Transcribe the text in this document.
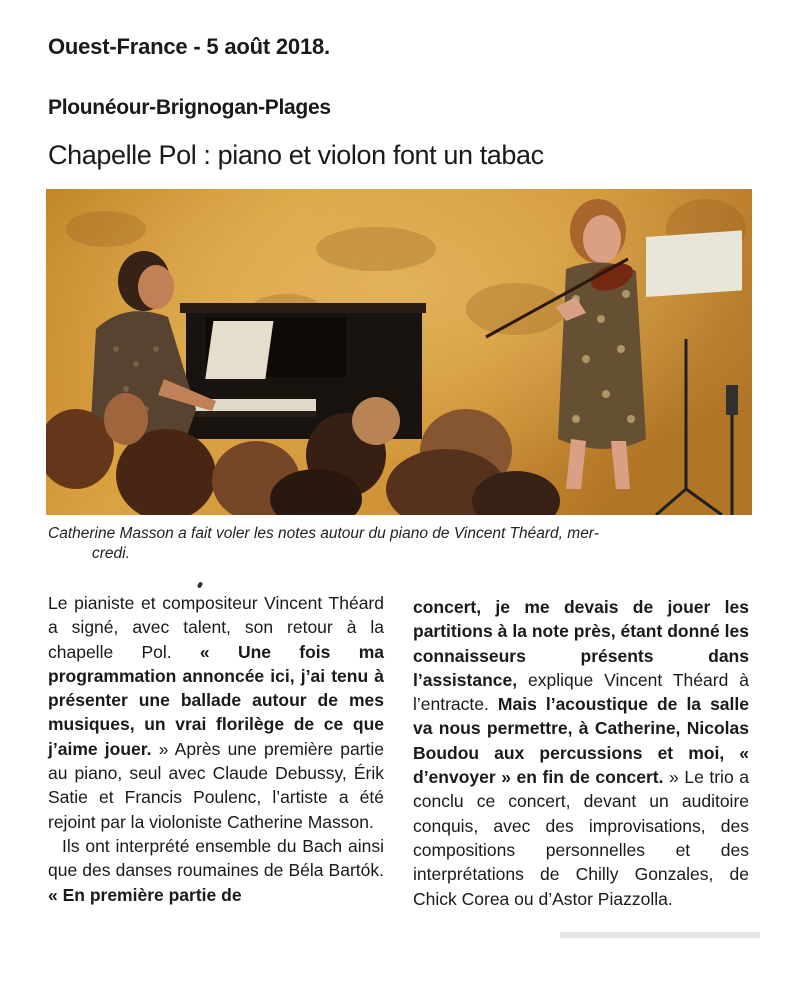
Ouest-France - 5 août 2018.
Plounéour-Brignogan-Plages
Chapelle Pol : piano et violon font un tabac
Catherine Masson a fait voler les notes autour du piano de Vincent Théard, mer-
credi.

Le pianiste et compositeur Vincent Théard a signé, avec talent, son retour à la chapelle Pol. « Une fois ma programmation annoncée ici, j’ai tenu à présenter une ballade autour de mes musiques, un vrai florilège de ce que j’aime jouer. » Après une première partie au piano, seul avec Claude Debussy, Érik Satie et Francis Poulenc, l’artiste a été rejoint par la violoniste Catherine Masson.

Ils ont interprété ensemble du Bach ainsi que des danses roumaines de Béla Bartók. « En première partie de

concert, je me devais de jouer les partitions à la note près, étant donné les connaisseurs présents dans l’assistance, explique Vincent Théard à l’entracte. Mais l’acoustique de la salle va nous permettre, à Catherine, Nicolas Boudou aux percussions et moi, « d’envoyer » en fin de concert. » Le trio a conclu ce concert, devant un auditoire conquis, avec des improvisations, des compositions personnelles et des interprétations de Chilly Gonzales, de Chick Corea ou d’Astor Piazzolla.
